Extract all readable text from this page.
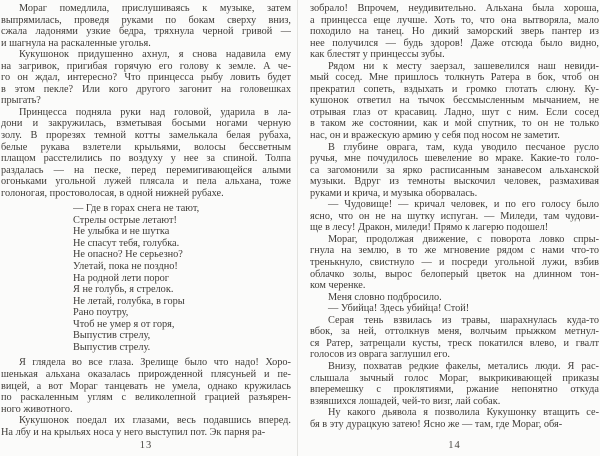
Мораг помедлила, прислушиваясь к музыке, затем
выпрямилась, проведя руками по бокам сверху вниз,
сжала ладонями узкие бедра, тряхнула черной гривой —
и шагнула на раскаленные уголья.
Кукушонок придушенно ахнул, я снова надавила ему
на загривок, пригибая горячую его голову к земле. А че-
го он ждал, интересно? Что принцесса рыбу ловить будет
в этом пекле? Или кого другого загонит на головешках
прыгать?
Принцесса подняла руки над головой, ударила в ла-
дони и закружилась, взметывая босыми ногами черную
золу. В прорезях темной котты замелькала белая рубаха,
белые рукава взлетели крыльями, волосы бессветным
плащом расстелились по воздуху у нее за спиной. Толпа
раздалась — на песке, перед перемигивающейся алыми
огоньками угольной лужей плясала и пела альхана, тоже
голоногая, простоволосая, в одной нижней рубахе.
— Где в горах снега не тают,
Стрелы острые летают!
Не улыбка и не шутка
Не спасут тебя, голубка.
Не опасно? Не серьезно?
Улетай, пока не поздно!
На родной лети порог
Я не голубь, я стрелок.
Не летай, голубка, в горы
Рано поутру,
Чтоб не умер я от горя,
Выпустив стрелу,
Выпустив стрелу.
Я глядела во все глаза. Зрелище было что надо! Хоро-
шенькая альхана оказалась прирожденной плясуньей и пе-
вицей, а вот Мораг танцевать не умела, однако кружилась
по раскаленным углям с великолепной грацией разъярен-
ного животного.
Кукушонок поедал их глазами, весь подавшись вперед.
На лбу и на крыльях носа у него выступил пот. Эк парня ра-
13
зобрало! Впрочем, неудивительно. Альхана была хороша,
а принцесса еще лучше. Хоть то, что она вытворяла, мало
походило на танец. Но дикий заморский зверь пантер из
нее получился — будь здоров! Даже отсюда было видно,
как блестят у принцессы зубы.
Рядом ни к месту заерзал, зашевелился наш невиди-
мый сосед. Мне пришлось толкнуть Ратера в бок, чтоб он
прекратил сопеть, вздыхать и громко глотать слюну. Ку-
кушонок ответил на тычок бессмысленным мычанием, не
отрывая глаз от красавиц. Ладно, шут с ним. Если сосед
в таком же состоянии, как и мой спутник, то он не только
нас, он и вражескую армию у себя под носом не заметит.
В глубине оврага, там, куда уводило песчаное русло
ручья, мне почудилось шевеление во мраке. Какие-то голо-
са загомонили за ярко расписанным занавесом альханской
музыки. Вдруг из темноты выскочил человек, размахивая
руками и крича, и музыка оборвалась.
— Чудовище! — кричал человек, и по его голосу было
ясно, что он не на шутку испуган. — Миледи, там чудови-
ще в лесу! Дракон, миледи! Прямо к лагерю подошел!
Мораг, продолжая движение, с поворота ловко спры-
гнула на землю, в то же мгновение рядом с нами что-то
тренькнуло, свистнуло — и посреди угольной лужи, взбив
облачко золы, вырос белоперый цветок на длинном тон-
ком черенке.
Меня словно подбросило.
— Убийца! Здесь убийца! Стой!
Серая тень взвилась из травы, шарахнулась куда-то
вбок, за ней, оттолкнув меня, волчьим прыжком метнул-
ся Ратер, затрещали кусты, треск покатился влево, и гвалт
голосов из оврага заглушил его.
Внизу, похватав редкие факелы, метались люди. Я рас-
слышала зычный голос Мораг, выкрикивающей приказы
вперемешку с проклятиями, ржание непонятно откуда
взявшихся лошадей, чей-то визг, лай собак.
Ну какого дьявола я позволила Кукушонку втащить се-
бя в эту дурацкую затею! Ясно же — там, где Мораг, обя-
14
